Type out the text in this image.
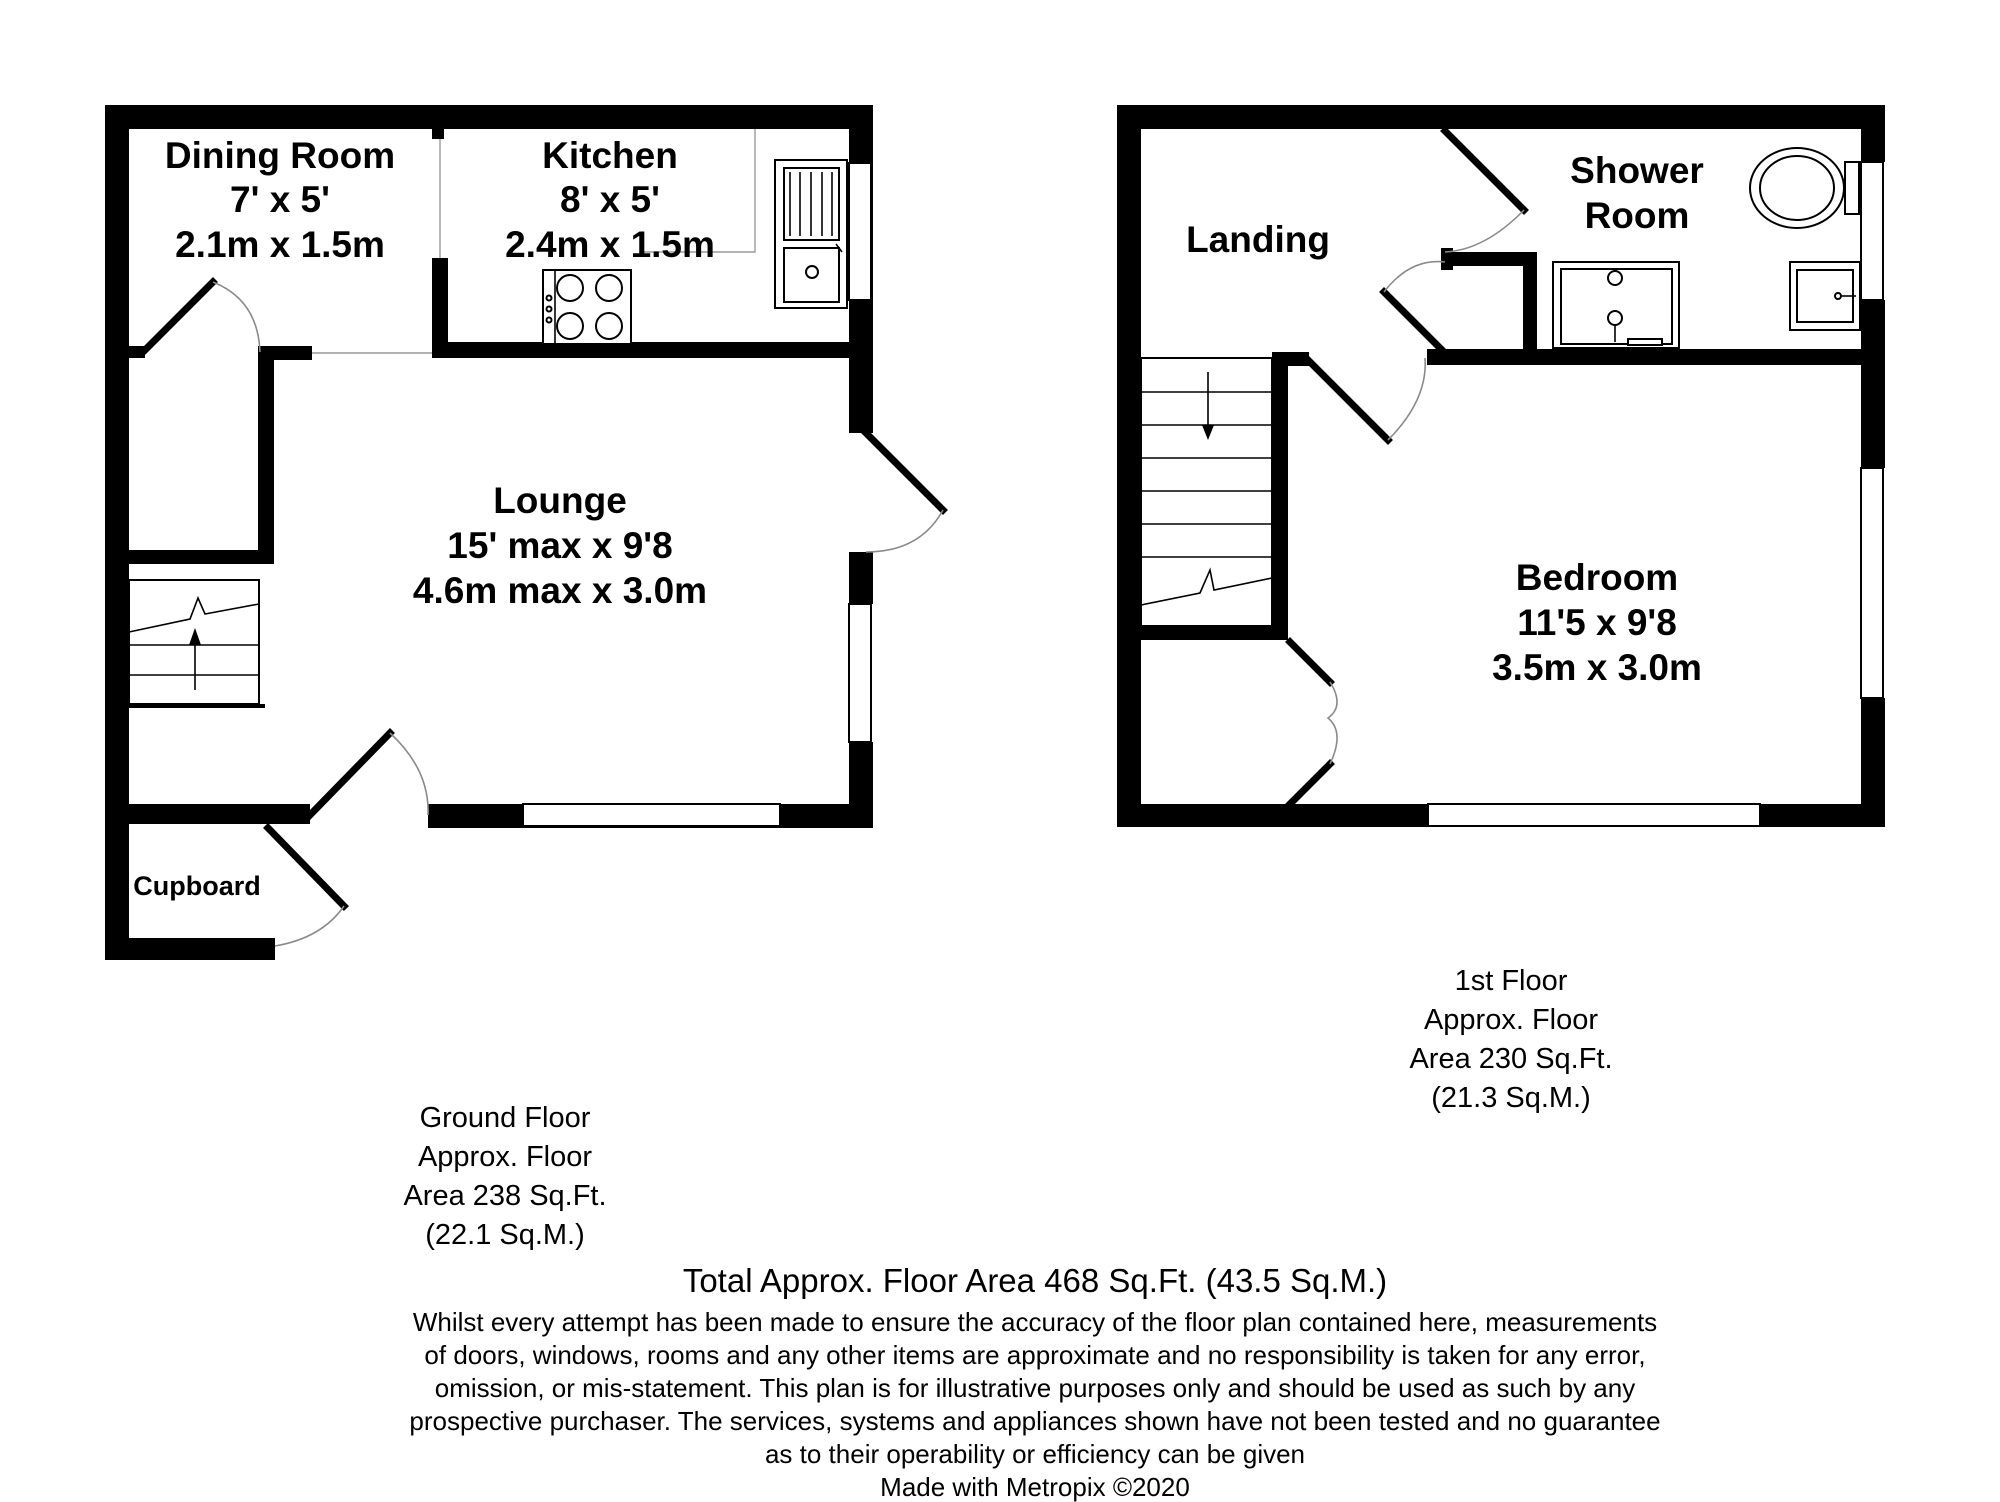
Dining Room
7' x 5'
2.1m x 1.5m
Kitchen
8' x 5'
2.4m x 1.5m
Lounge
15' max x 9'8
4.6m max x 3.0m
Cupboard
Landing
Shower
Room
Bedroom
11'5 x 9'8
3.5m x 3.0m
Ground Floor
Approx. Floor
Area 238 Sq.Ft.
(22.1 Sq.M.)
1st Floor
Approx. Floor
Area 230 Sq.Ft.
(21.3 Sq.M.)
Total Approx. Floor Area 468 Sq.Ft. (43.5 Sq.M.)
Whilst every attempt has been made to ensure the accuracy of the floor plan contained here, measurements
of doors, windows, rooms and any other items are approximate and no responsibility is taken for any error,
omission, or mis-statement. This plan is for illustrative purposes only and should be used as such by any
prospective purchaser. The services, systems and appliances shown have not been tested and no guarantee
as to their operability or efficiency can be given
Made with Metropix ©2020
